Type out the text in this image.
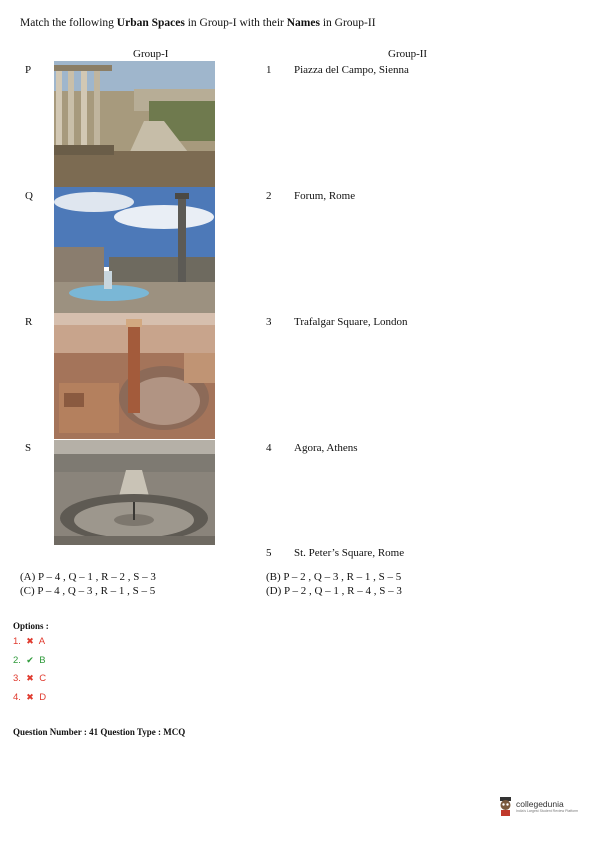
Match the following Urban Spaces in Group-I with their Names in Group-II
Group-I	Group-II
P
Q
R
S
1 Piazza del Campo, Sienna
2 Forum, Rome
3 Trafalgar Square, London
4 Agora, Athens
5 St. Peter’s Square, Rome
(A) P – 4 , Q – 1 , R – 2 , S – 3	(B) P – 2 , Q – 3 , R – 1 , S – 5
(C) P – 4 , Q – 3 , R – 1 , S – 5	(D) P – 2 , Q – 1 , R – 4 , S – 3
Options :
1. ✖ A
2. ✔ B
3. ✖ C
4. ✖ D
Question Number : 41 Question Type : MCQ
collegedunia
India's Largest Student Review Platform
